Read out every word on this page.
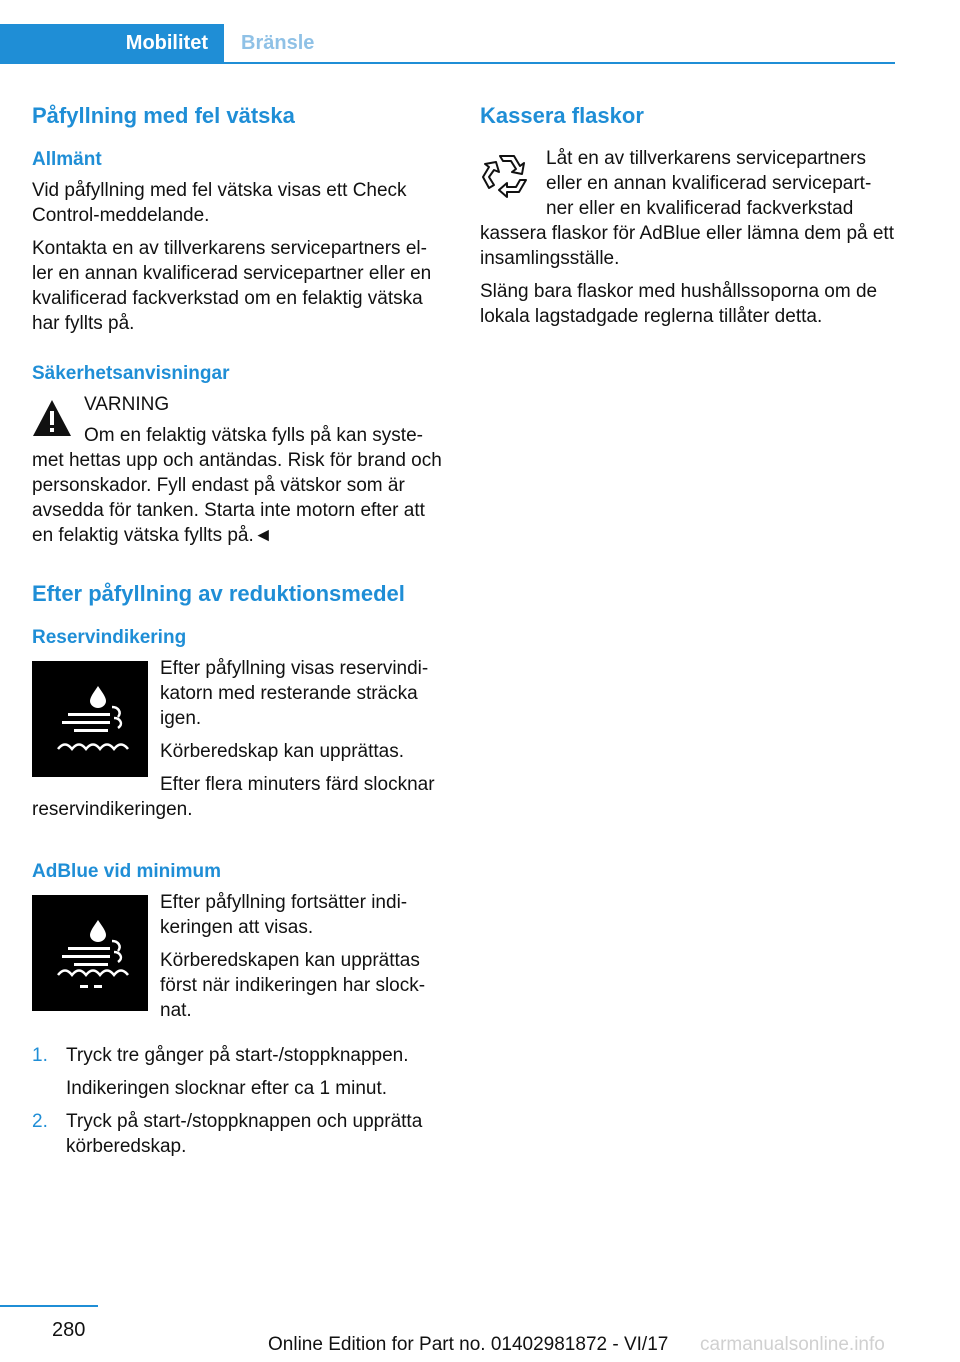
Mobilitet	Bränsle
Påfyllning med fel vätska
Allmänt

Vid påfyllning med fel vätska visas ett Check Control-meddelande.

Kontakta en av tillverkarens servicepartners el‐ ler en annan kvalificerad servicepartner eller en kvalificerad fackverkstad om en felaktig vätska har fyllts på.

Säkerhetsanvisningar

VARNING

Om en felaktig vätska fylls på kan syste‐ met hettas upp och antändas. Risk för brand och personskador. Fyll endast på vätskor som är avsedda för tanken. Starta inte motorn efter att en felaktig vätska fyllts på.◄

Efter påfyllning av reduktionsmedel
Reservindikering

Efter påfyllning visas reservindi‐ katorn med resterande sträcka igen.

Körberedskap kan upprättas.

Efter flera minuters färd slocknar reservindikeringen.

AdBlue vid minimum

Efter påfyllning fortsätter indi‐ keringen att visas.

Körberedskapen kan upprättas först när indikeringen har slock‐ nat.

1. Tryck tre gånger på start-/stoppknappen.
Indikeringen slocknar efter ca 1 minut.
2. Tryck på start-/stoppknappen och upprätta körberedskap.
Kassera flaskor

Låt en av tillverkarens servicepartners eller en annan kvalificerad servicepart‐ ner eller en kvalificerad fackverkstad kassera flaskor för AdBlue eller lämna dem på ett insamlingsställe.

Släng bara flaskor med hushållssoporna om de lokala lagstadgade reglerna tillåter detta.

280
Online Edition for Part no. 01402981872 - VI/17 carmanualsonline.info
